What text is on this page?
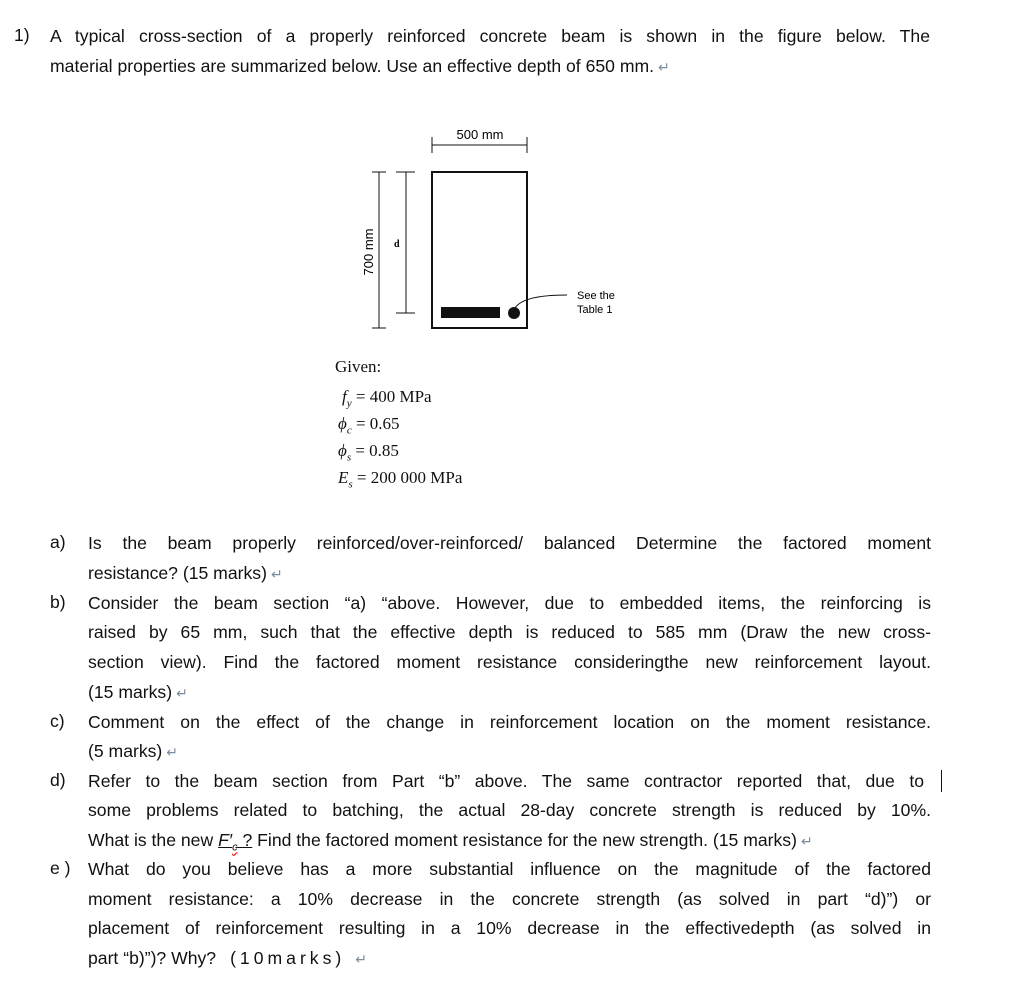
1) A typical cross-section of a properly reinforced concrete beam is shown in the figure below. The
material properties are summarized below. Use an effective depth of 650 mm. ↵
500 mm
700 mm d
See the
Table 1
Given:
$f_y = 400$ MPa
$\phi_c = 0.65$
$\phi_s = 0.85$
$E_s = 200$ 000 MPa
a) Is the beam properly reinforced/over-reinforced/ balanced Determine the factored moment
resistance? (15 marks) ↵
b) Consider the beam section “a) “above. However, due to embedded items, the reinforcing is
raised by 65 mm, such that the effective depth is reduced to 585 mm (Draw the new cross-
section view). Find the factored moment resistance consideringthe new reinforcement layout.
(15 marks) ↵
c) Comment on the effect of the change in reinforcement location on the moment resistance.
(5 marks) ↵
d) Refer to the beam section from Part “b” above. The same contractor reported that, due to
some problems related to batching, the actual 28-day concrete strength is reduced by 10%.
What is the new $F'_c$ ? Find the factored moment resistance for the new strength. (15 marks) ↵
e ) What do you believe has a more substantial influence on the magnitude of the factored
moment resistance: a 10% decrease in the concrete strength (as solved in part “d)”) or
placement of reinforcement resulting in a 10% decrease in the effectivedepth (as solved in
part “b)”)? Why? (10marks) ↵
